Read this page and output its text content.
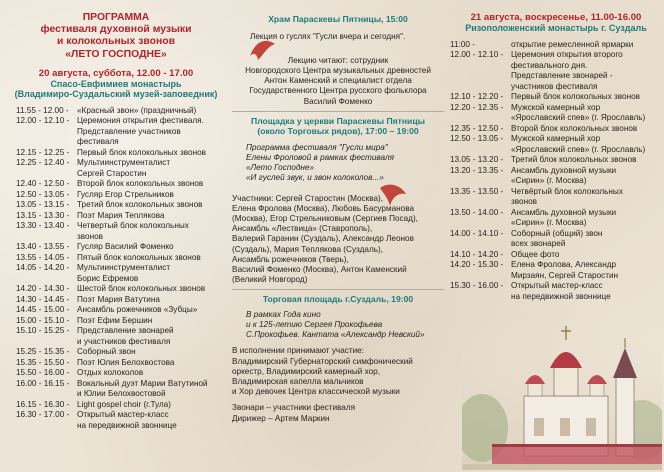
ПРОГРАММА
фестиваля духовной музыки
и колокольных звонов
«ЛЕТО ГОСПОДНЕ»
20 августа, суббота, 12.00 - 17.00
Спасо-Евфимиев монастырь
(Владимиро-Суздальский музей-заповедник)
11.55 - 12.00 -	«Красный звон» (праздничный)
12.00 - 12.10 - Церемония открытия фестиваля.
Представление участников
фестиваля
12.15 - 12.25 - Первый блок колокольных звонов
12.25 - 12.40 - Мультиинструменталист
Сергей Старостин
12.40 - 12.50 - Второй блок колокольных звонов
12.50 - 13.05 - Гусляр Егор Стрельников
13.05 - 13.15 - Третий блок колокольных звонов
13.15 - 13.30 - Поэт Мария Теплякова
13.30 - 13.40 - Четвертый блок колокольных
звонов
13.40 - 13.55 - Гусляр Василий Фоменко
13.55 - 14.05 - Пятый блок колокольных звонов
14.05 - 14.20 - Мультиинструменталист
Борис Ефремов
14.20 - 14.30 - Шестой блок колокольных звонов
14.30 - 14.45 - Поэт Мария Ватутина
14.45 - 15.00 - Ансамбль рожечников «Зубцы»
15.00 - 15.10 - Поэт Ефим Бершин
15.10 - 15.25 - Представление звонарей
и участников фестиваля
15.25 - 15.35 - Соборный звон
15.35 - 15.50 - Поэт Юлия Белохвостова
15.50 - 16.00 - Отдых колоколов
16.00 - 16.15 - Вокальный дуэт Марии Ватутиной
и Юлии Белохвостовой
16.15 - 16.30 - Light gospel choir (г.Тула)
16.30 - 17.00 - Открытый мастер-класс
на передвижной звоннице
Храм Параскевы Пятницы, 15:00
Лекция о гуслях "Гусли вчера и сегодня".
Лекцию читают: сотрудник
Новгородского Центра музыкальных древностей
Антон Каменский и специалист отдела
Государственного Центра русского фольклора
Василий Фоменко
Площадка у церкви Параскевы Пятницы
(около Торговых рядов), 17:00 – 19:00
Программа фестиваля "Гусли мира"
Елены Фроловой в рамках фестиваля
«Лето Господне»
«И гуслей звук, и звон колоколов...»
Участники: Сергей Старостин (Москва),
Елена Фролова (Москва), Любовь Басурманова
(Москва), Егор Стрельниковым (Сергиев Посад),
Ансамбль «Лествица» (Ставрополь),
Валерий Гаранин (Суздаль), Александр Леонов
(Суздаль), Мария Теплякова (Суздаль),
Ансамбль рожечников (Тверь),
Василий Фоменко (Москва), Антон Каменский
(Великий Новгород)
Торговая площадь г.Суздаль, 19:00
В рамках Года кино
и к 125-летию Сергея Прокофьева
С.Прокофьев. Кантата «Александр Невский»
В исполнении принимают участие:
Владимирский Губернаторский симфонический
оркестр, Владимирский камерный хор,
Владимирская капелла мальчиков
и Хор девочек Центра классической музыки
Звонари – участники фестиваля
Дирижер – Артем Маркин
21 августа, воскресенье, 11.00-16.00
Ризоположенский монастырь г. Суздаль
11:00 -	открытие ремесленной ярмарки
12.00 - 12.10 - Церемония открытия второго
фестивального дня.
Представление звонарей -
участников фестиваля
12.10 - 12.20 - Первый блок колокольных звонов
12.20 - 12.35 - Мужской камерный хор
«Ярославский спев» (г. Ярославль)
12.35 - 12.50 - Второй блок колокольных звонов
12.50 - 13.05 - Мужской камерный хор
«Ярославский спев» (г. Ярославль)
13.05 - 13.20 - Третий блок колокольных звонов
13.20 - 13.35 - Ансамбль духовной музыки
«Сирин» (г. Москва)
13.35 - 13.50 - Четвёртый блок колокольных
звонов
13.50 - 14.00 - Ансамбль духовной музыки
«Сирин» (г. Москва)
14.00 - 14.10 - Соборный (общий) звон
всех звонарей
14.10 - 14.20 - Общее фото
14.20 - 15.30 - Елена Фролова, Александр
Мирзаян, Сергей Старостин
15.30 - 16.00 - Открытый мастер-класс
на передвижной звоннице
